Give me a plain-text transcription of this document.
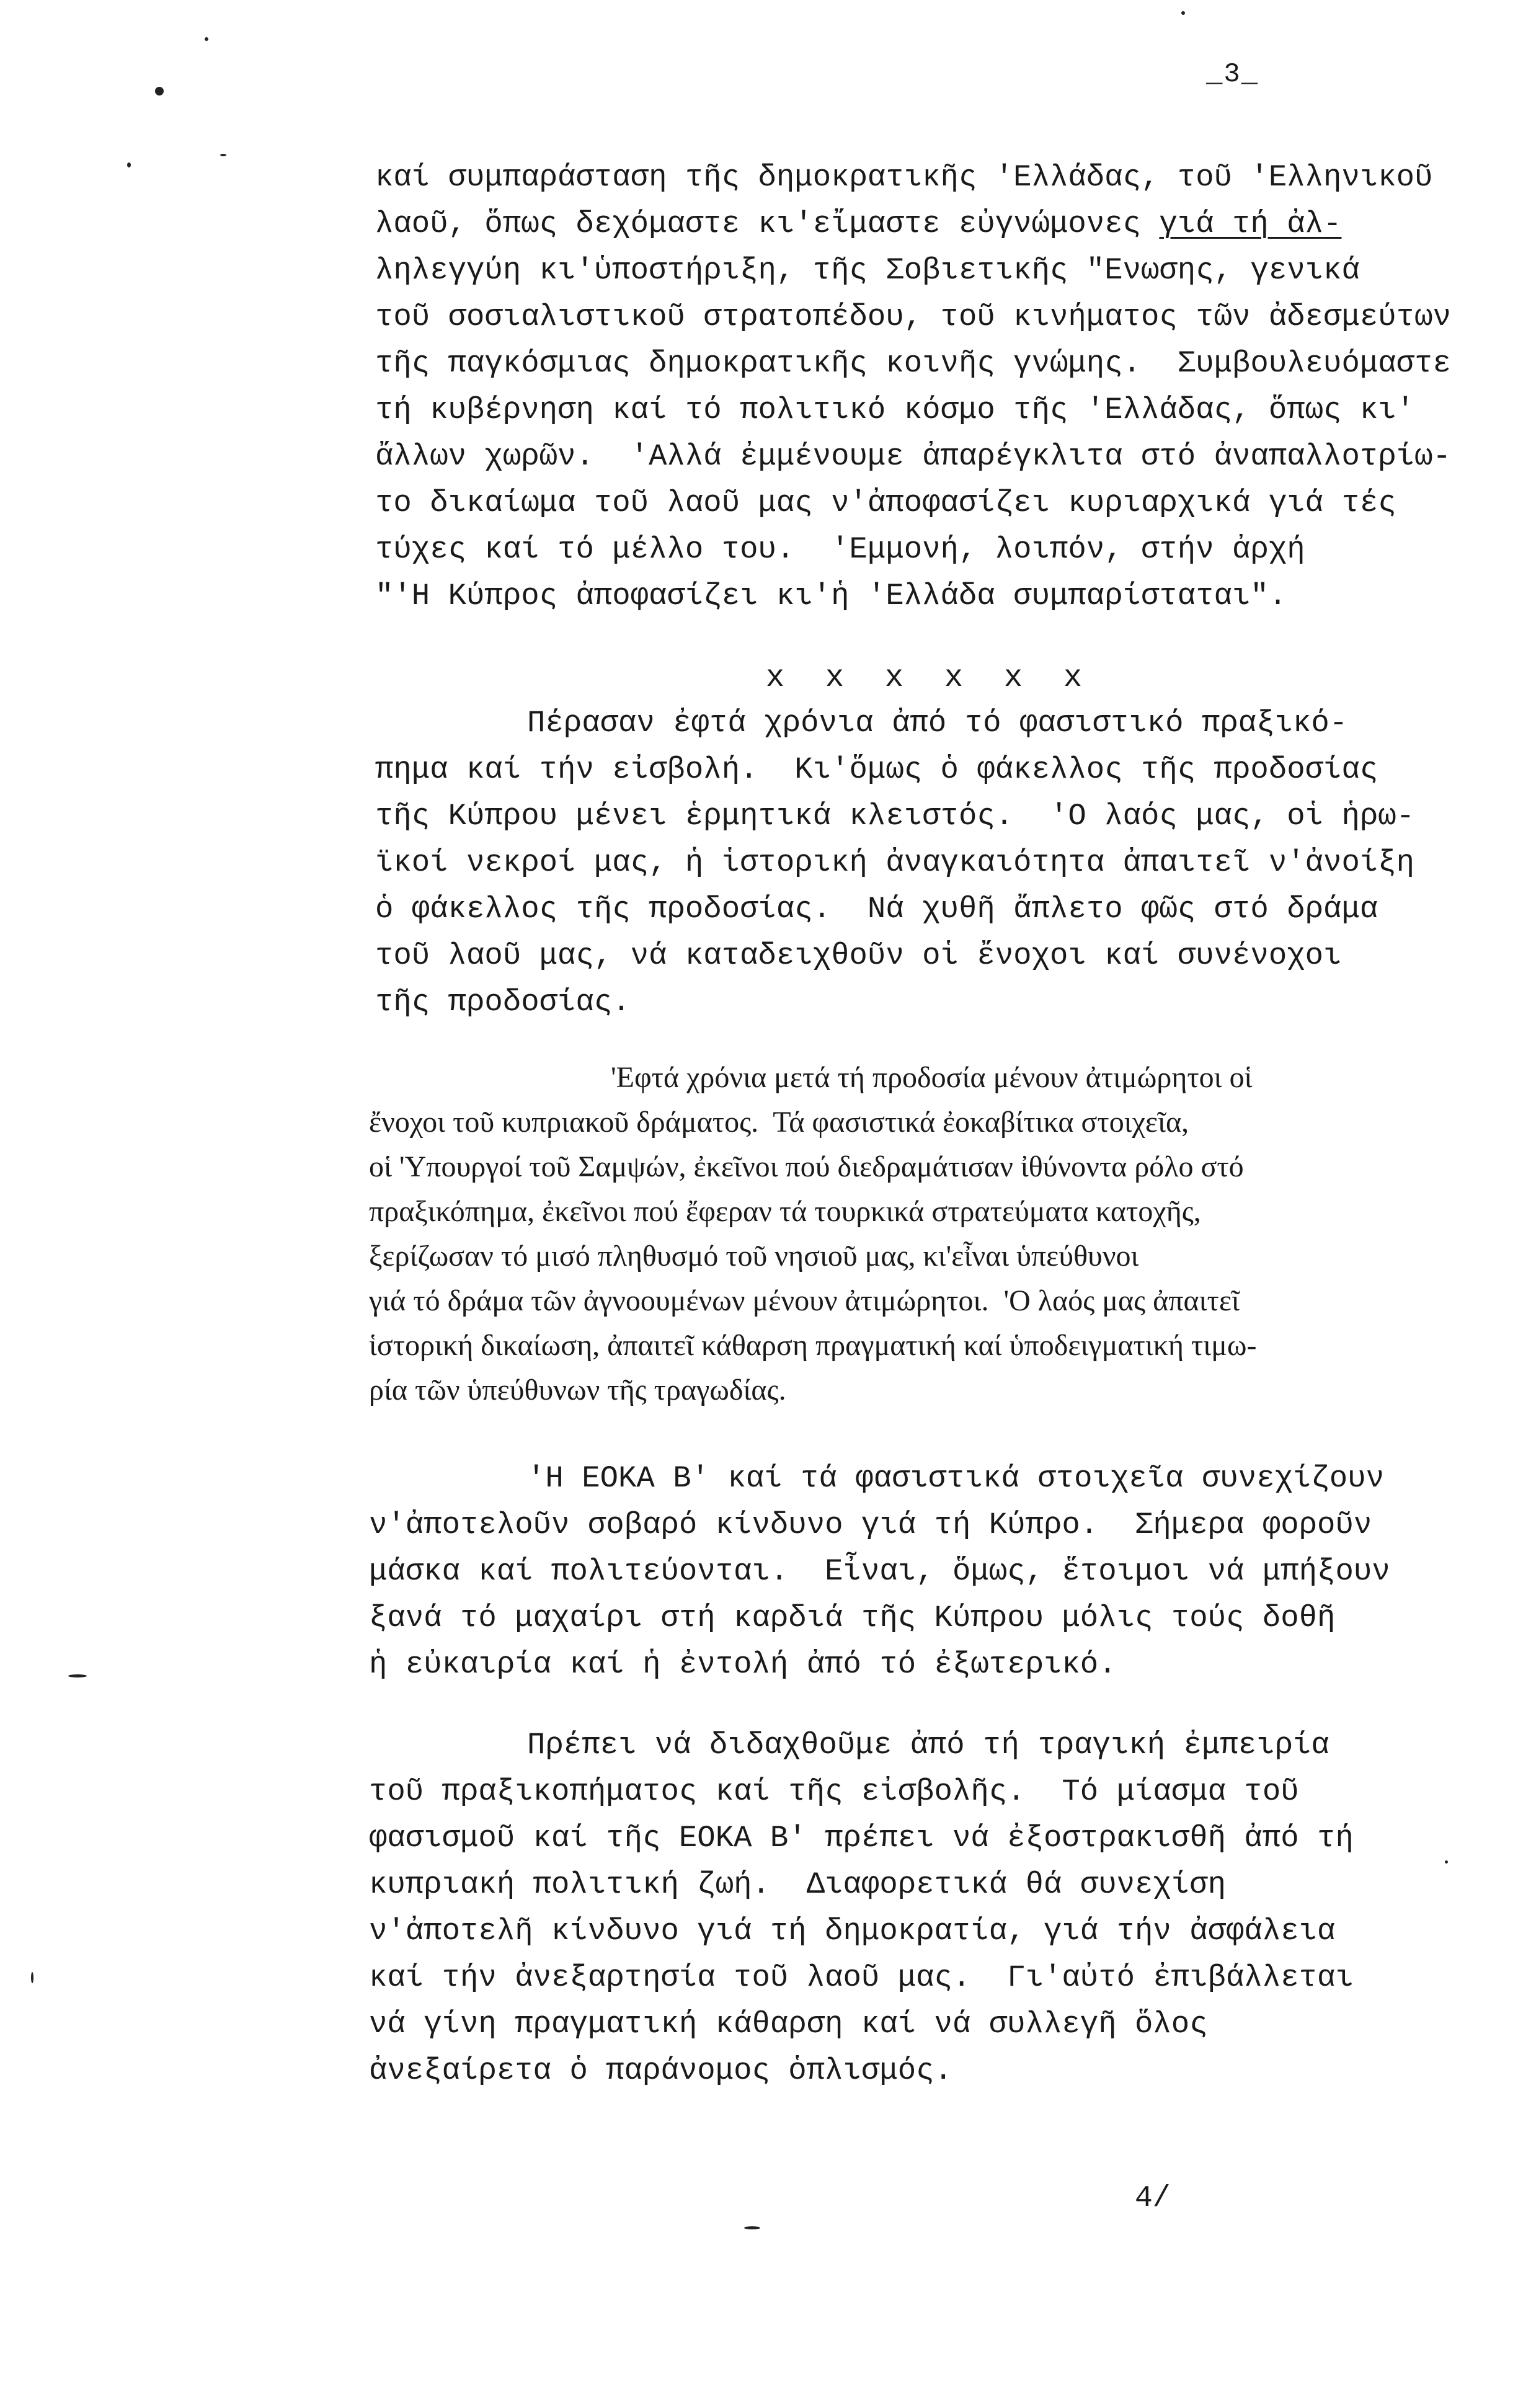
_3_
καί συμπαράσταση τῆς δημοκρατικῆς 'Ελλάδας, τοῦ 'Ελληνικοῦ
λαοῦ, ὅπως δεχόμαστε κι'εἴμαστε εὐγνώμονες γιά τή ἀλ-
ληλεγγύη κι'ὑποστήριξη, τῆς Σοβιετικῆς "Ενωσης, γενικά
τοῦ σοσιαλιστικοῦ στρατοπέδου, τοῦ κινήματος τῶν ἀδεσμεύτων
τῆς παγκόσμιας δημοκρατικῆς κοινῆς γνώμης.  Συμβουλευόμαστε
τή κυβέρνηση καί τό πολιτικό κόσμο τῆς 'Ελλάδας, ὅπως κι'
ἄλλων χωρῶν.  'Αλλά ἐμμένουμε ἀπαρέγκλιτα στό ἀναπαλλοτρίω-
το δικαίωμα τοῦ λαοῦ μας ν'ἀποφασίζει κυριαρχικά γιά τές
τύχες καί τό μέλλο του.  'Εμμονή, λοιπόν, στήν ἀρχή
"'Η Κύπρος ἀποφασίζει κι'ἡ 'Ελλάδα συμπαρίσταται".
x x x x x x
Πέρασαν ἐφτά χρόνια ἀπό τό φασιστικό πραξικό-
πημα καί τήν εἰσβολή.  Κι'ὅμως ὁ φάκελλος τῆς προδοσίας
τῆς Κύπρου μένει ἑρμητικά κλειστός.  'Ο λαός μας, οἱ ἡρω-
ϊκοί νεκροί μας, ἡ ἱστορική ἀναγκαιότητα ἀπαιτεῖ ν'ἀνοίξη
ὁ φάκελλος τῆς προδοσίας.  Νά χυθῆ ἄπλετο φῶς στό δράμα
τοῦ λαοῦ μας, νά καταδειχθοῦν οἱ ἔνοχοι καί συνένοχοι
τῆς προδοσίας.
'Εφτά χρόνια μετά τή προδοσία μένουν ἀτιμώρητοι οἱ
ἔνοχοι τοῦ κυπριακοῦ δράματος.  Τά φασιστικά ἐοκαβίτικα στοιχεῖα,
οἱ 'Υπουργοί τοῦ Σαμψών, ἐκεῖνοι πού διεδραμάτισαν ἰθύνοντα ρόλο στό
πραξικόπημα, ἐκεῖνοι πού ἔφεραν τά τουρκικά στρατεύματα κατοχῆς,
ξερίζωσαν τό μισό πληθυσμό τοῦ νησιοῦ μας, κι'εἶναι ὑπεύθυνοι
γιά τό δράμα τῶν ἀγνοουμένων μένουν ἀτιμώρητοι.  'Ο λαός μας ἀπαιτεῖ
ἱστορική δικαίωση, ἀπαιτεῖ κάθαρση πραγματική καί ὑποδειγματική τιμω-
ρία τῶν ὑπεύθυνων τῆς τραγωδίας.
'Η ΕΟΚΑ Β' καί τά φασιστικά στοιχεῖα συνεχίζουν
ν'ἀποτελοῦν σοβαρό κίνδυνο γιά τή Κύπρο.  Σήμερα φοροῦν
μάσκα καί πολιτεύονται.  Εἶναι, ὅμως, ἕτοιμοι νά μπήξουν
ξανά τό μαχαίρι στή καρδιά τῆς Κύπρου μόλις τούς δοθῆ
ἡ εὐκαιρία καί ἡ ἐντολή ἀπό τό ἐξωτερικό.
Πρέπει νά διδαχθοῦμε ἀπό τή τραγική ἐμπειρία
τοῦ πραξικοπήματος καί τῆς εἰσβολῆς.  Τό μίασμα τοῦ
φασισμοῦ καί τῆς ΕΟΚΑ Β' πρέπει νά ἐξοστρακισθῆ ἀπό τή
κυπριακή πολιτική ζωή.  Διαφορετικά θά συνεχίση
ν'ἀποτελῆ κίνδυνο γιά τή δημοκρατία, γιά τήν ἀσφάλεια
καί τήν ἀνεξαρτησία τοῦ λαοῦ μας.  Γι'αὐτό ἐπιβάλλεται
νά γίνη πραγματική κάθαρση καί νά συλλεγῆ ὅλος
ἀνεξαίρετα ὁ παράνομος ὁπλισμός.
4/
